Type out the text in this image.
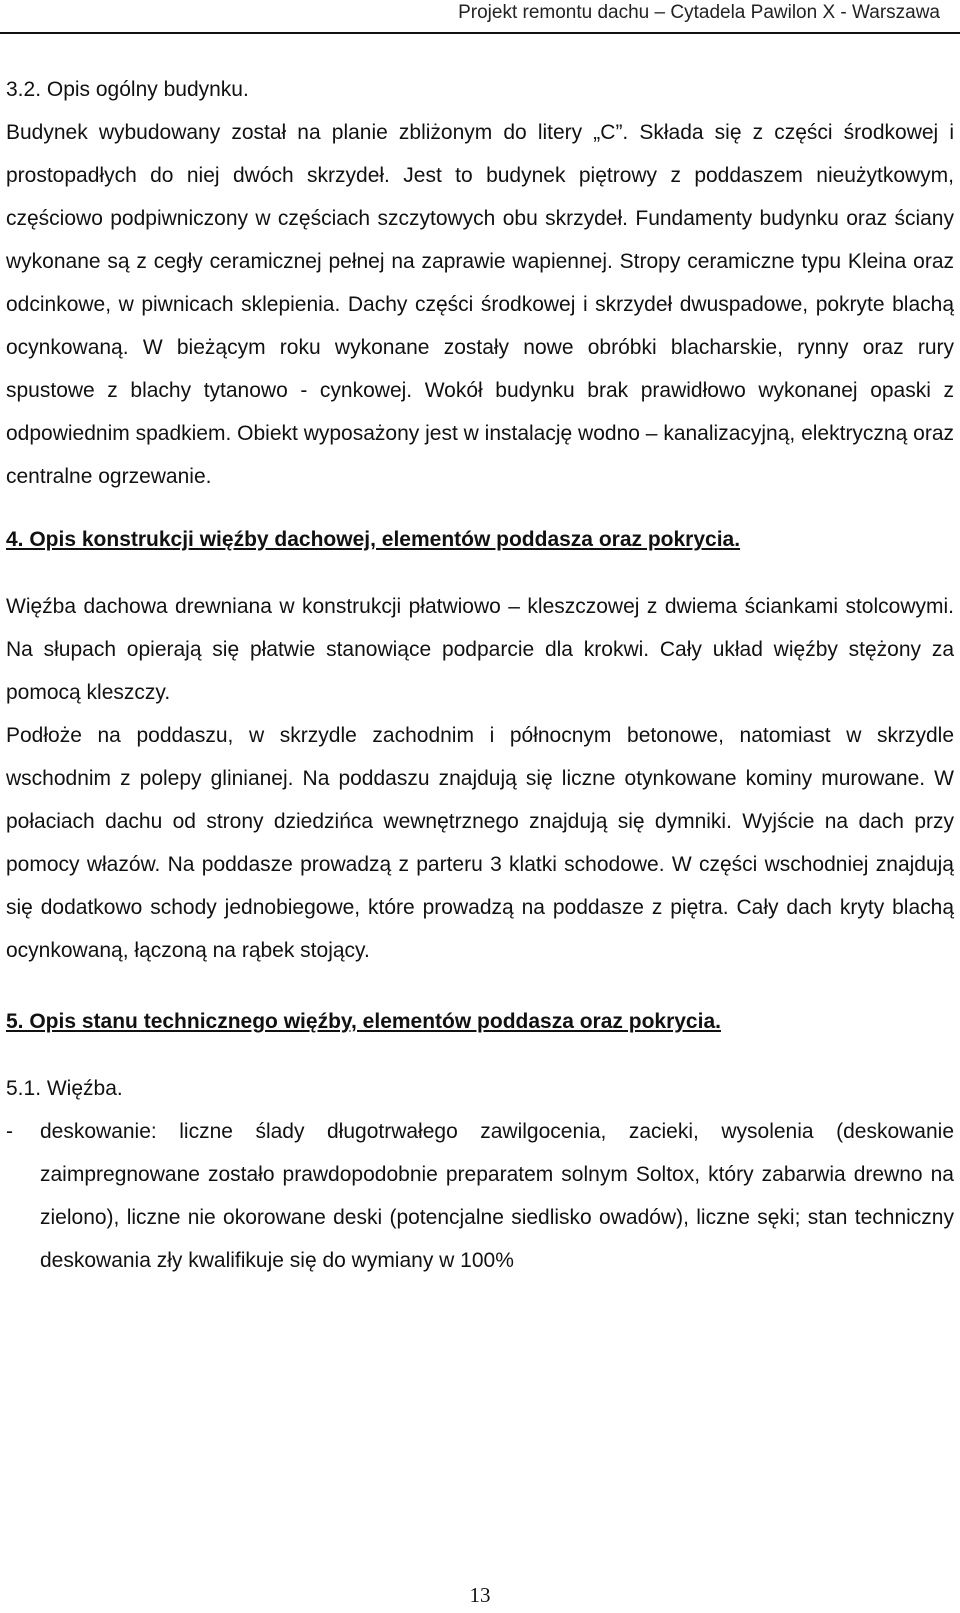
Projekt remontu dachu – Cytadela Pawilon X - Warszawa

3.2. Opis ogólny budynku.

Budynek wybudowany został na planie zbliżonym do litery „C”. Składa się z części środkowej i prostopadłych do niej dwóch skrzydeł. Jest to budynek piętrowy z poddaszem nieużytkowym, częściowo podpiwniczony w częściach szczytowych obu skrzydeł. Fundamenty budynku oraz ściany wykonane są z cegły ceramicznej pełnej na zaprawie wapiennej. Stropy ceramiczne typu Kleina oraz odcinkowe, w piwnicach sklepienia. Dachy części środkowej i skrzydeł dwuspadowe, pokryte blachą ocynkowaną. W bieżącym roku wykonane zostały nowe obróbki blacharskie, rynny oraz rury spustowe z blachy tytanowo - cynkowej. Wokół budynku brak prawidłowo wykonanej opaski z odpowiednim spadkiem. Obiekt wyposażony jest w instalację wodno – kanalizacyjną, elektryczną oraz centralne ogrzewanie.

4. Opis konstrukcji więźby dachowej, elementów poddasza oraz pokrycia.

Więźba dachowa drewniana w konstrukcji płatwiowo – kleszczowej z dwiema ściankami stolcowymi. Na słupach opierają się płatwie stanowiące podparcie dla krokwi. Cały układ więźby stężony za pomocą kleszczy.

Podłoże na poddaszu, w skrzydle zachodnim i północnym betonowe, natomiast w skrzydle wschodnim z polepy glinianej. Na poddaszu znajdują się liczne otynkowane kominy murowane. W połaciach dachu od strony dziedzińca wewnętrznego znajdują się dymniki. Wyjście na dach przy pomocy włazów. Na poddasze prowadzą z parteru 3 klatki schodowe. W części wschodniej znajdują się dodatkowo schody jednobiegowe, które prowadzą na poddasze z piętra. Cały dach kryty blachą ocynkowaną, łączoną na rąbek stojący.

5. Opis stanu technicznego więźby, elementów poddasza oraz pokrycia.

5.1. Więźba.

- deskowanie: liczne ślady długotrwałego zawilgocenia, zacieki, wysolenia (deskowanie zaimpregnowane zostało prawdopodobnie preparatem solnym Soltox, który zabarwia drewno na zielono), liczne nie okorowane deski (potencjalne siedlisko owadów), liczne sęki; stan techniczny deskowania zły kwalifikuje się do wymiany w 100%
13
